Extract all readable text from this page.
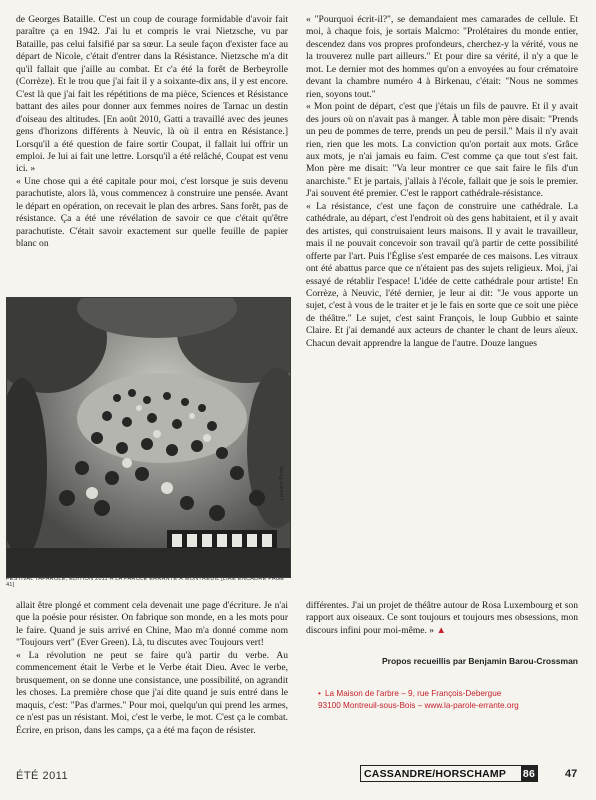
de Georges Bataille. C'est un coup de courage formidable d'avoir fait paraître ça en 1942. J'ai lu et compris le vrai Nietzsche, vu par Bataille, pas celui falsifié par sa sœur. La seule façon d'exister face au départ de Nicole, c'était d'entrer dans la Résistance. Nietzsche m'a dit qu'il fallait que j'aille au combat. Et c'a été la forêt de Berbeyrolle (Corrèze). Et le trou que j'ai fait il y a soixante-dix ans, il y est encore. C'est là que j'ai fait les répétitions de ma pièce, Sciences et Résistance battant des ailes pour donner aux femmes noires de Tarnac un destin d'oiseau des altitudes. [En août 2010, Gatti a travaillé avec des jeunes gens d'horizons différents à Neuvic, là où il entra en Résistance.] Lorsqu'il a été question de faire sortir Coupat, il fallait lui offrir un emploi. Je lui ai fait une lettre. Lorsqu'il a été relâché, Coupat est venu ici. »

« Une chose qui a été capitale pour moi, c'est lorsque je suis devenu parachutiste, alors là, vous commencez à construire une pensée. Avant le départ en opération, on recevait le plan des arbres. Sans forêt, pas de résistance. Ça a été une révélation de savoir ce que c'était qu'être parachutiste. C'était savoir exactement sur quelle feuille de papier blanc on

« "Pourquoi écrit-il?", se demandaient mes camarades de cellule. Et moi, à chaque fois, je sortais Malcmo: "Prolétaires du monde entier, descendez dans vos propres profondeurs, cherchez-y la vérité, vous ne la trouverez nulle part ailleurs." Et pour dire sa vérité, il n'y a que le mot. Le dernier mot des hommes qu'on a envoyées au four crématoire devant la chambre numéro 4 à Birkenau, c'était: "Nous ne sommes rien, soyons tout."

« Mon point de départ, c'est que j'étais un fils de pauvre. Et il y avait des jours où on n'avait pas à manger. À table mon père disait: "Prends un peu de pommes de terre, prends un peu de persil." Mais il n'y avait rien, rien que les mots. La conviction qu'on portait aux mots. Grâce aux mots, je n'ai jamais eu faim. C'est comme ça que tout s'est fait. Mon père me disait: "Va leur montrer ce que sait faire le fils d'un anarchiste." Et je partais, j'allais à l'école, fallait que je sois le premier. J'ai souvent été premier. C'est le rapport cathédrale-résistance.

« La résistance, c'est une façon de construire une cathédrale. La cathédrale, au départ, c'est l'endroit où des gens habitaient, et il y avait des artistes, qui construisaient leurs maisons. Il y avait le travailleur, mais il ne pouvait concevoir son travail qu'à partir de cette possibilité offerte par l'art. Puis l'Église s'est emparée de ces maisons. Les vitraux ont été abattus parce que ce n'étaient pas des sujets religieux. Moi, j'ai essayé de rétablir l'espace! L'idée de cette cathédrale pour artiste! En Corrèze, à Neuvic, l'été dernier, je leur ai dit: "Je vous apporte un sujet, c'est à vous de le traiter et je le fais en sorte que ce soit une pièce de théâtre." Le sujet, c'est saint François, le loup Gubbio et sainte Claire. Et j'ai demandé aux acteurs de chanter le chant de leurs aïeux. Chacun devait apprendre la langue de l'autre. Douze langues

Laurent Prost
FESTIVAL TAPAROLE, ÉDITION 2011 À LA PAROLE ERRANTE À MONTREUIL [LIRE ENCADRÉ PAGE 41]

allait être plongé et comment cela devenait une page d'écriture. Je n'ai que la poésie pour résister. On fabrique son monde, en a les mots pour le faire. Quand je suis arrivé en Chine, Mao m'a donné comme nom "Toujours vert" (Ever Green). Là, tu discutes avec Toujours vert!

« La révolution ne peut se faire qu'à partir du verbe. Au commencement était le Verbe et le Verbe était Dieu. Avec le verbe, brusquement, on se donne une consistance, une possibilité, on agrandit les choses. La première chose que j'ai dite quand je suis entré dans le maquis, c'est: "Pas d'armes." Pour moi, quelqu'un qui prend les armes, ce n'est pas un résistant. Moi, c'est le verbe, le mot. C'est ça le combat. Écrire, en prison, dans les camps, ça a été ma façon de résister.

différentes. J'ai un projet de théâtre autour de Rosa Luxembourg et son rapport aux oiseaux. Ce sont toujours et toujours mes obsessions, mon discours infini pour moi-même. » ▲

Propos recueillis par Benjamin Barou-Crossman
• La Maison de l'arbre – 9, rue François-Debergue
93100 Montreuil-sous-Bois – www.la-parole-errante.org
ÉTÉ 2011	CASSANDRE/HORSCHAMP	86	47
